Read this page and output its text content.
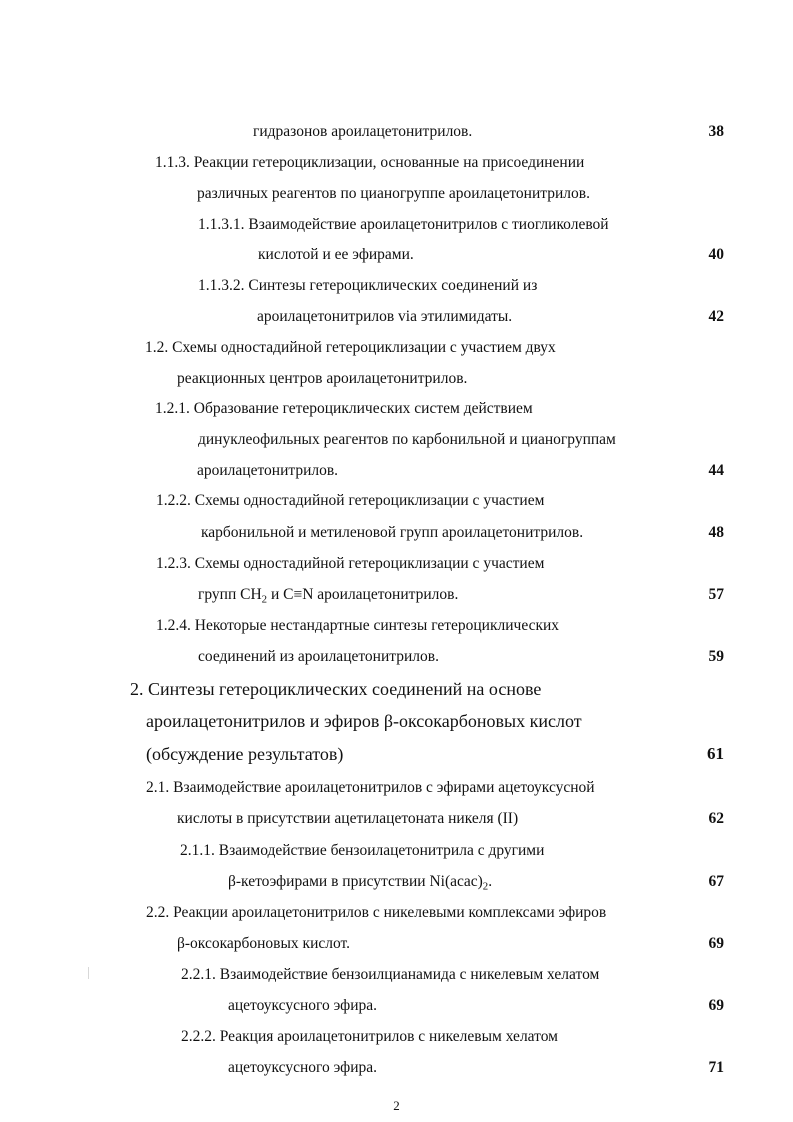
гидразонов ароилацетонитрилов.	38
1.1.3. Реакции гетероциклизации, основанные на присоединении
различных реагентов по цианогруппе ароилацетонитрилов.
1.1.3.1. Взаимодействие ароилацетонитрилов с тиогликолевой
кислотой и ее эфирами.	40
1.1.3.2. Синтезы гетероциклических соединений из
ароилацетонитрилов via этилимидаты.	42
1.2. Схемы одностадийной гетероциклизации с участием двух
реакционных центров ароилацетонитрилов.
1.2.1. Образование гетероциклических систем действием
динуклеофильных реагентов по карбонильной и цианогруппам
ароилацетонитрилов.	44
1.2.2. Схемы одностадийной гетероциклизации с участием
карбонильной и метиленовой групп ароилацетонитрилов.	48
1.2.3. Схемы одностадийной гетероциклизации с участием
групп $CH_2$ и C≡N ароилацетонитрилов.	57
1.2.4. Некоторые нестандартные синтезы гетероциклических
соединений из ароилацетонитрилов.	59
2. Синтезы гетероциклических соединений на основе
ароилацетонитрилов и эфиров β-оксокарбоновых кислот
(обсуждение результатов)	61
2.1. Взаимодействие ароилацетонитрилов с эфирами ацетоуксусной
кислоты в присутствии ацетилацетоната никеля (II)	62
2.1.1. Взаимодействие бензоилацетонитрила с другими
β-кетоэфирами в присутствии $Ni(acac)_2$.	67
2.2. Реакции ароилацетонитрилов с никелевыми комплексами эфиров
β-оксокарбоновых кислот.	69
2.2.1. Взаимодействие бензоилцианамида с никелевым хелатом
ацетоуксусного эфира.	69
2.2.2. Реакция ароилацетонитрилов с никелевым хелатом
ацетоуксусного эфира.	71
2
